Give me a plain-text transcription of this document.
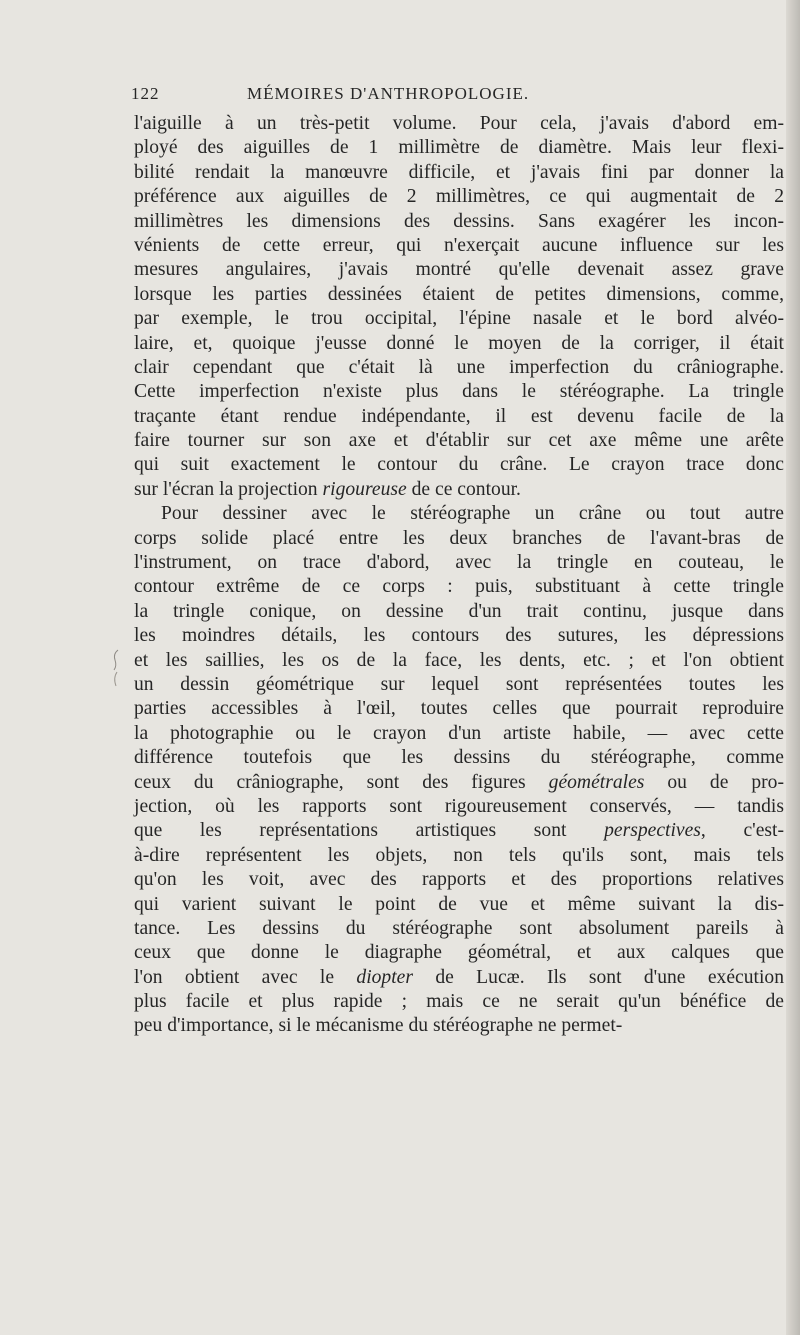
122	MÉMOIRES D'ANTHROPOLOGIE.
l'aiguille à un très-petit volume. Pour cela, j'avais d'abord em-
ployé des aiguilles de 1 millimètre de diamètre. Mais leur flexi-
bilité rendait la manœuvre difficile, et j'avais fini par donner la
préférence aux aiguilles de 2 millimètres, ce qui augmentait de 2
millimètres les dimensions des dessins. Sans exagérer les incon-
vénients de cette erreur, qui n'exerçait aucune influence sur les
mesures angulaires, j'avais montré qu'elle devenait assez grave
lorsque les parties dessinées étaient de petites dimensions, comme,
par exemple, le trou occipital, l'épine nasale et le bord alvéo-
laire, et, quoique j'eusse donné le moyen de la corriger, il était
clair cependant que c'était là une imperfection du crâniographe.
Cette imperfection n'existe plus dans le stéréographe. La tringle
traçante étant rendue indépendante, il est devenu facile de la
faire tourner sur son axe et d'établir sur cet axe même une arête
qui suit exactement le contour du crâne. Le crayon trace donc
sur l'écran la projection rigoureuse de ce contour.
Pour dessiner avec le stéréographe un crâne ou tout autre
corps solide placé entre les deux branches de l'avant-bras de
l'instrument, on trace d'abord, avec la tringle en couteau, le
contour extrême de ce corps : puis, substituant à cette tringle
la tringle conique, on dessine d'un trait continu, jusque dans
les moindres détails, les contours des sutures, les dépressions
et les saillies, les os de la face, les dents, etc. ; et l'on obtient
un dessin géométrique sur lequel sont représentées toutes les
parties accessibles à l'œil, toutes celles que pourrait reproduire
la photographie ou le crayon d'un artiste habile, — avec cette
différence toutefois que les dessins du stéréographe, comme
ceux du crâniographe, sont des figures géométrales ou de pro-
jection, où les rapports sont rigoureusement conservés, — tandis
que les représentations artistiques sont perspectives, c'est-
à-dire représentent les objets, non tels qu'ils sont, mais tels
qu'on les voit, avec des rapports et des proportions relatives
qui varient suivant le point de vue et même suivant la dis-
tance. Les dessins du stéréographe sont absolument pareils à
ceux que donne le diagraphe géométral, et aux calques que
l'on obtient avec le diopter de Lucæ. Ils sont d'une exécution
plus facile et plus rapide ; mais ce ne serait qu'un bénéfice de
peu d'importance, si le mécanisme du stéréographe ne permet-
